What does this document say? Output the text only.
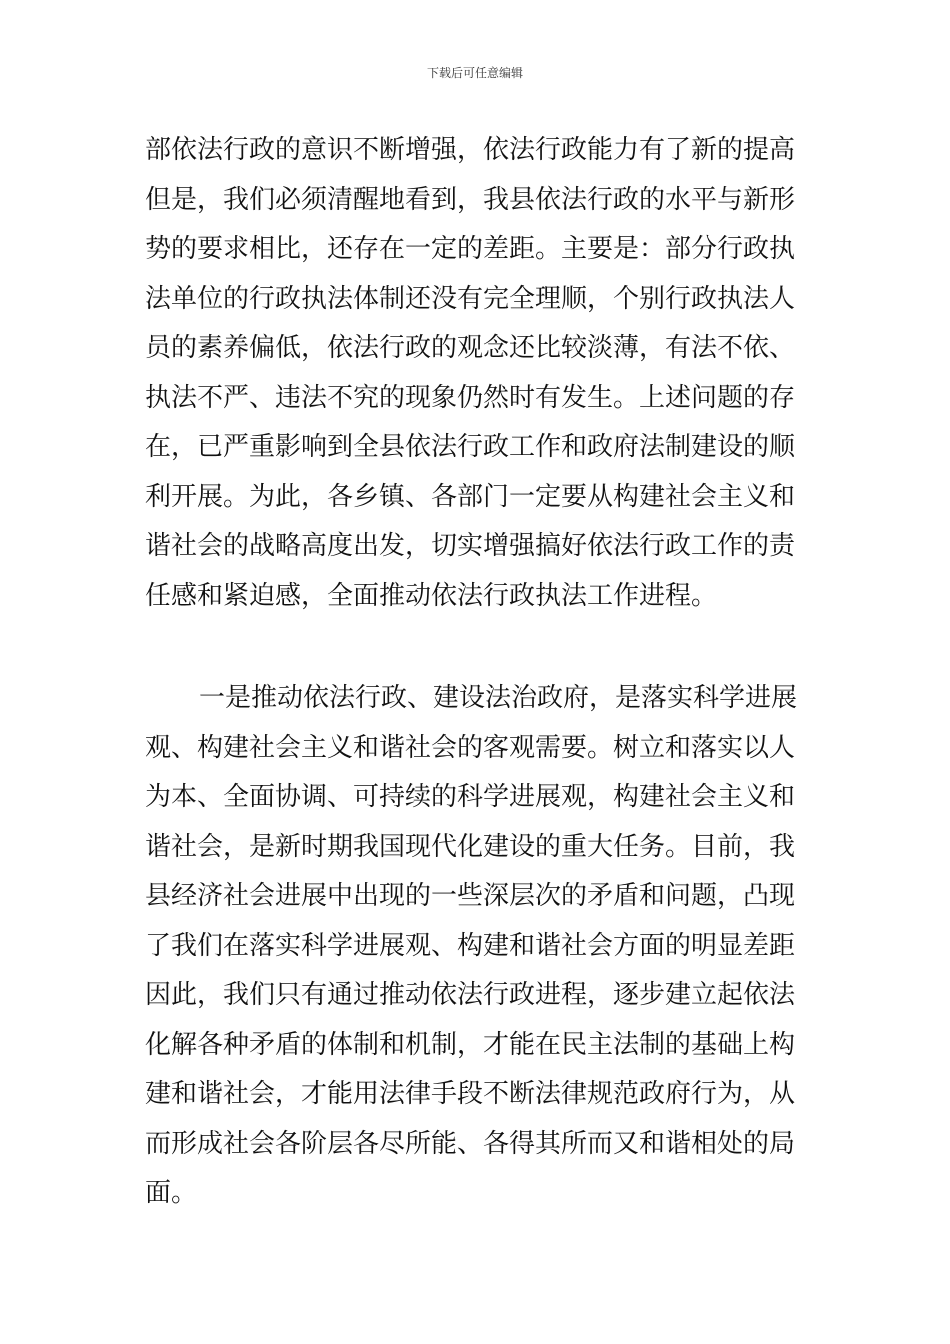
下载后可任意编辑
部依法行政的意识不断增强，依法行政能力有了新的提高
但是，我们必须清醒地看到，我县依法行政的水平与新形
势的要求相比，还存在一定的差距。主要是：部分行政执
法单位的行政执法体制还没有完全理顺，个别行政执法人
员的素养偏低，依法行政的观念还比较淡薄，有法不依、
执法不严、违法不究的现象仍然时有发生。上述问题的存
在，已严重影响到全县依法行政工作和政府法制建设的顺
利开展。为此，各乡镇、各部门一定要从构建社会主义和
谐社会的战略高度出发，切实增强搞好依法行政工作的责
任感和紧迫感，全面推动依法行政执法工作进程。
一是推动依法行政、建设法治政府，是落实科学进展
观、构建社会主义和谐社会的客观需要。树立和落实以人
为本、全面协调、可持续的科学进展观，构建社会主义和
谐社会，是新时期我国现代化建设的重大任务。目前，我
县经济社会进展中出现的一些深层次的矛盾和问题，凸现
了我们在落实科学进展观、构建和谐社会方面的明显差距
因此，我们只有通过推动依法行政进程，逐步建立起依法
化解各种矛盾的体制和机制，才能在民主法制的基础上构
建和谐社会，才能用法律手段不断法律规范政府行为，从
而形成社会各阶层各尽所能、各得其所而又和谐相处的局
面。
